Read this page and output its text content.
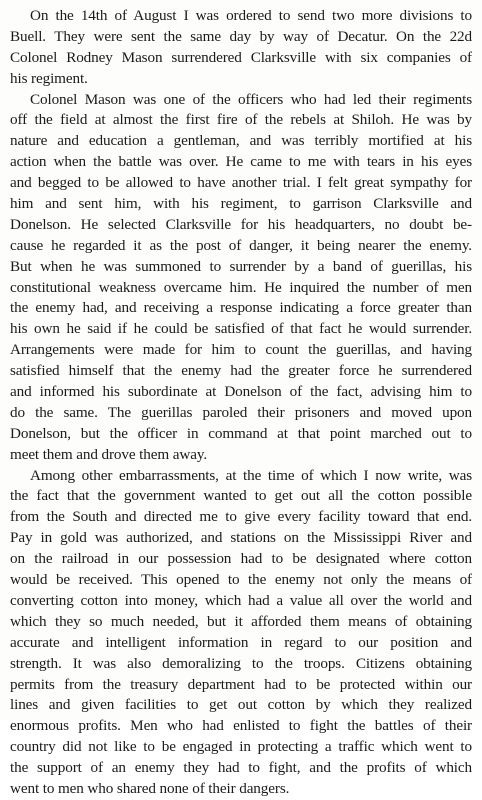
On the 14th of August I was ordered to send two more divisions to
Buell. They were sent the same day by way of Decatur. On the 22d
Colonel Rodney Mason surrendered Clarksville with six companies of
his regiment.
Colonel Mason was one of the officers who had led their regiments
off the field at almost the first fire of the rebels at Shiloh. He was by
nature and education a gentleman, and was terribly mortified at his
action when the battle was over. He came to me with tears in his eyes
and begged to be allowed to have another trial. I felt great sympathy for
him and sent him, with his regiment, to garrison Clarksville and
Donelson. He selected Clarksville for his headquarters, no doubt be-
cause he regarded it as the post of danger, it being nearer the enemy.
But when he was summoned to surrender by a band of guerillas, his
constitutional weakness overcame him. He inquired the number of men
the enemy had, and receiving a response indicating a force greater than
his own he said if he could be satisfied of that fact he would surrender.
Arrangements were made for him to count the guerillas, and having
satisfied himself that the enemy had the greater force he surrendered
and informed his subordinate at Donelson of the fact, advising him to
do the same. The guerillas paroled their prisoners and moved upon
Donelson, but the officer in command at that point marched out to
meet them and drove them away.
Among other embarrassments, at the time of which I now write, was
the fact that the government wanted to get out all the cotton possible
from the South and directed me to give every facility toward that end.
Pay in gold was authorized, and stations on the Mississippi River and
on the railroad in our possession had to be designated where cotton
would be received. This opened to the enemy not only the means of
converting cotton into money, which had a value all over the world and
which they so much needed, but it afforded them means of obtaining
accurate and intelligent information in regard to our position and
strength. It was also demoralizing to the troops. Citizens obtaining
permits from the treasury department had to be protected within our
lines and given facilities to get out cotton by which they realized
enormous profits. Men who had enlisted to fight the battles of their
country did not like to be engaged in protecting a traffic which went to
the support of an enemy they had to fight, and the profits of which
went to men who shared none of their dangers.
